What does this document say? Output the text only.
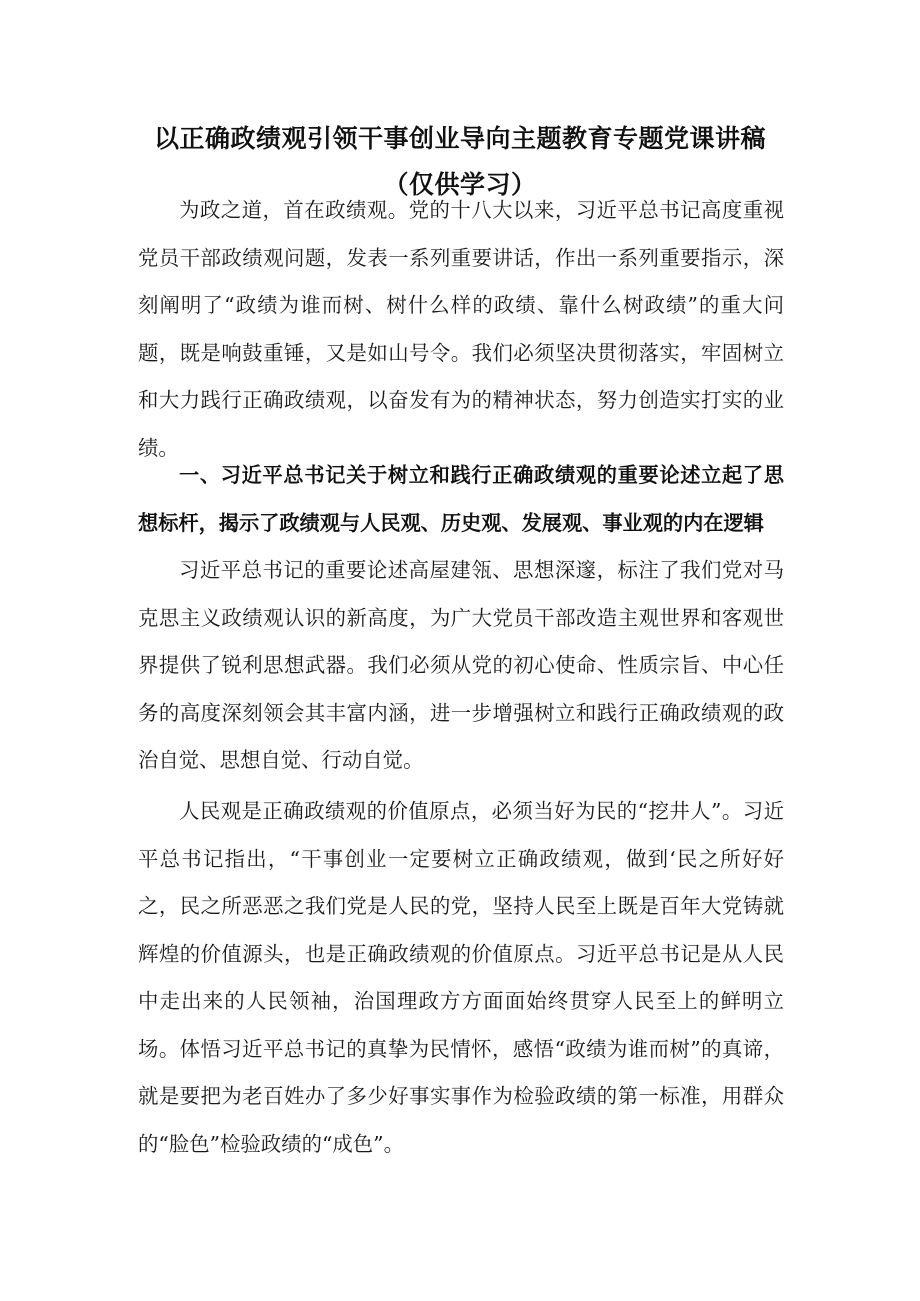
以正确政绩观引领干事创业导向主题教育专题党课讲稿（仅供学习）

为政之道，首在政绩观。党的十八大以来，习近平总书记高度重视党员干部政绩观问题，发表一系列重要讲话，作出一系列重要指示，深刻阐明了“政绩为谁而树、树什么样的政绩、靠什么树政绩”的重大问题，既是响鼓重锤，又是如山号令。我们必须坚决贯彻落实，牢固树立和大力践行正确政绩观，以奋发有为的精神状态，努力创造实打实的业绩。

一、习近平总书记关于树立和践行正确政绩观的重要论述立起了思想标杆，揭示了政绩观与人民观、历史观、发展观、事业观的内在逻辑

习近平总书记的重要论述高屋建瓴、思想深邃，标注了我们党对马克思主义政绩观认识的新高度，为广大党员干部改造主观世界和客观世界提供了锐利思想武器。我们必须从党的初心使命、性质宗旨、中心任务的高度深刻领会其丰富内涵，进一步增强树立和践行正确政绩观的政治自觉、思想自觉、行动自觉。

人民观是正确政绩观的价值原点，必须当好为民的“挖井人”。习近平总书记指出，“干事创业一定要树立正确政绩观，做到‘民之所好好之，民之所恶恶之我们党是人民的党，坚持人民至上既是百年大党铸就辉煌的价值源头，也是正确政绩观的价值原点。习近平总书记是从人民中走出来的人民领袖，治国理政方方面面始终贯穿人民至上的鲜明立场。体悟习近平总书记的真挚为民情怀，感悟“政绩为谁而树”的真谛，就是要把为老百姓办了多少好事实事作为检验政绩的第一标准，用群众的“脸色”检验政绩的“成色”。
